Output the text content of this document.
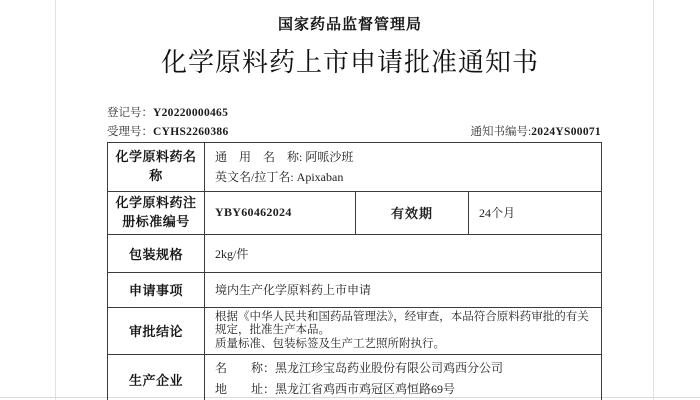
国家药品监督管理局
化学原料药上市申请批准通知书
登记号：Y20220000465
受理号：CYHS2260386	通知书编号:2024YS00071
化学原料药名称	通　用　名　称: 阿哌沙班
英文名/拉丁名: Apixaban		

化学原料药注册标准编号	YBY60462024	有效期	24个月
包装规格	2kg/件		
申请事项	境内生产化学原料药上市申请		
审批结论	根据《中华人民共和国药品管理法》，经审查，本品符合原料药审批的有关规定，批准生产本品。
质量标准、包装标签及生产工艺照所附执行。		

生产企业	名　　称：黑龙江珍宝岛药业股份有限公司鸡西分公司
地　　址：黑龙江省鸡西市鸡冠区鸡恒路69号		
